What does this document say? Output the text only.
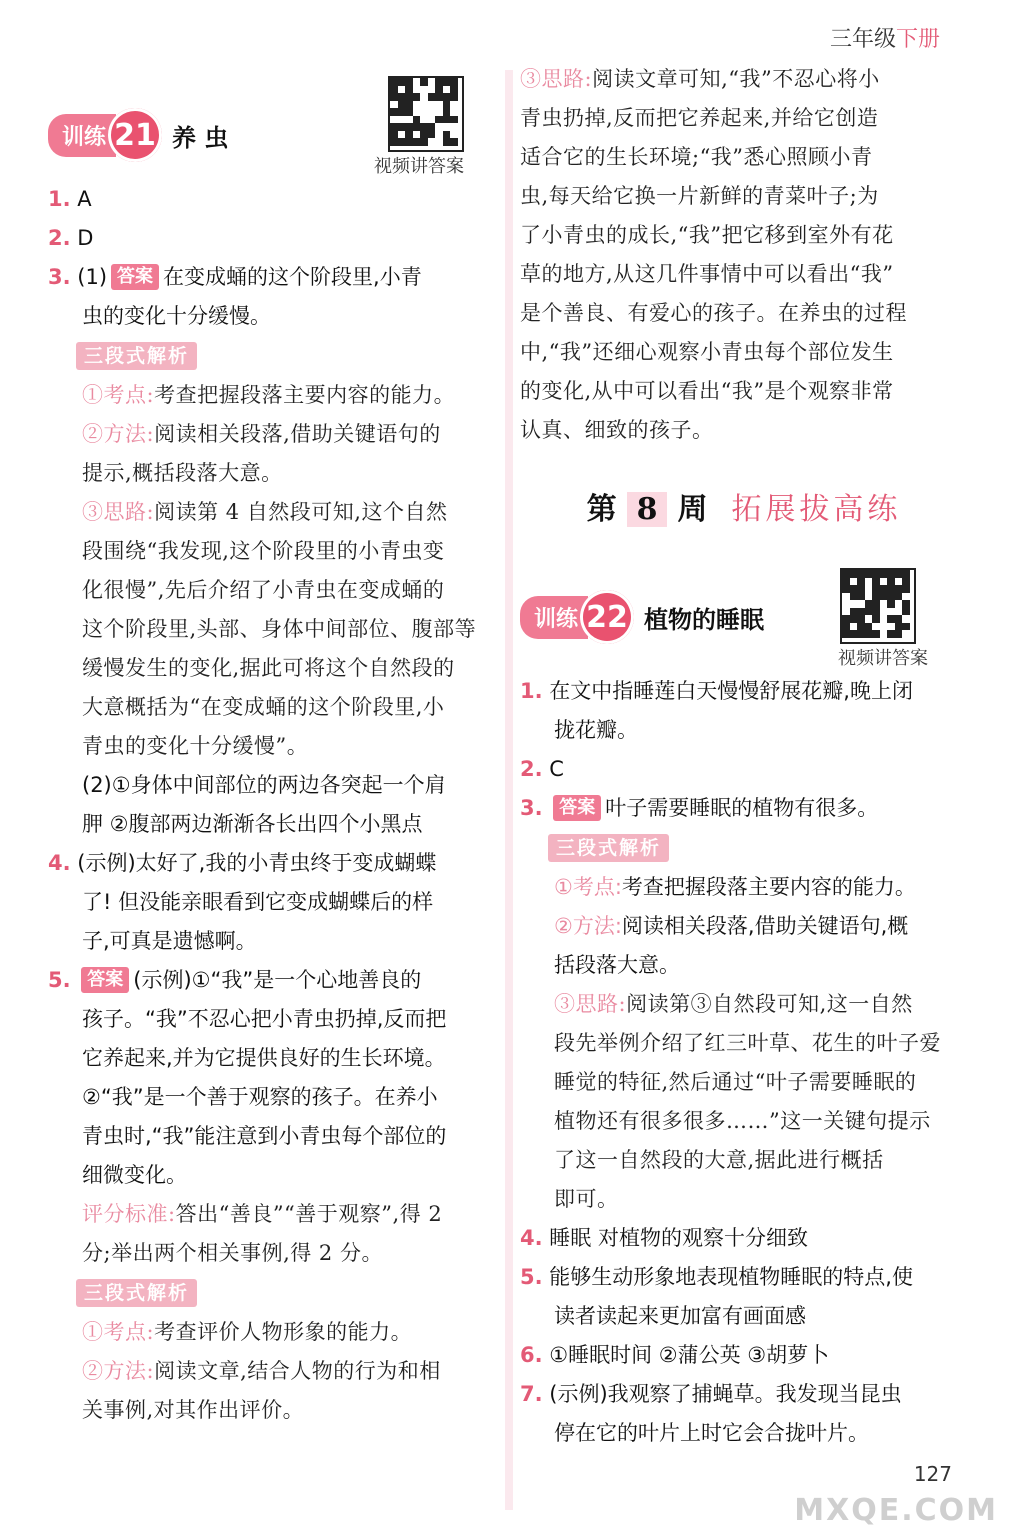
三年级下册
训练 21 养 虫
视频讲答案
1. A
2. D
3. (1) 答案 在变成蛹的这个阶段里,小青
虫的变化十分缓慢。
三段式解析
①考点:考查把握段落主要内容的能力。
②方法:阅读相关段落,借助关键语句的
提示,概括段落大意。
③思路:阅读第 4 自然段可知,这个自然
段围绕“我发现,这个阶段里的小青虫变
化很慢”,先后介绍了小青虫在变成蛹的
这个阶段里,头部、身体中间部位、腹部等
缓慢发生的变化,据此可将这个自然段的
大意概括为“在变成蛹的这个阶段里,小
青虫的变化十分缓慢”。
(2)①身体中间部位的两边各突起一个肩
胛 ②腹部两边渐渐各长出四个小黑点
4. (示例)太好了,我的小青虫终于变成蝴蝶
了! 但没能亲眼看到它变成蝴蝶后的样
子,可真是遗憾啊。
5. 答案 (示例)①“我”是一个心地善良的
孩子。“我”不忍心把小青虫扔掉,反而把
它养起来,并为它提供良好的生长环境。
②“我”是一个善于观察的孩子。在养小
青虫时,“我”能注意到小青虫每个部位的
细微变化。
评分标准:答出“善良”“善于观察”,得 2
分;举出两个相关事例,得 2 分。
三段式解析
①考点:考查评价人物形象的能力。
②方法:阅读文章,结合人物的行为和相
关事例,对其作出评价。
③思路:阅读文章可知,“我”不忍心将小
青虫扔掉,反而把它养起来,并给它创造
适合它的生长环境;“我”悉心照顾小青
虫,每天给它换一片新鲜的青菜叶子;为
了小青虫的成长,“我”把它移到室外有花
草的地方,从这几件事情中可以看出“我”
是个善良、有爱心的孩子。在养虫的过程
中,“我”还细心观察小青虫每个部位发生
的变化,从中可以看出“我”是个观察非常
认真、细致的孩子。
第 8 周 拓展拔高练
训练 22 植物的睡眠
视频讲答案
1. 在文中指睡莲白天慢慢舒展花瓣,晚上闭
拢花瓣。
2. C
3. 答案 叶子需要睡眠的植物有很多。
三段式解析
①考点:考查把握段落主要内容的能力。
②方法:阅读相关段落,借助关键语句,概
括段落大意。
③思路:阅读第③自然段可知,这一自然
段先举例介绍了红三叶草、花生的叶子爱
睡觉的特征,然后通过“叶子需要睡眠的
植物还有很多很多……”这一关键句提示
了这一自然段的大意,据此进行概括
即可。
4. 睡眠 对植物的观察十分细致
5. 能够生动形象地表现植物睡眠的特点,使
读者读起来更加富有画面感
6. ①睡眠时间 ②蒲公英 ③胡萝卜
7. (示例)我观察了捕蝇草。我发现当昆虫
停在它的叶片上时它会合拢叶片。
127
MXQE.COM
